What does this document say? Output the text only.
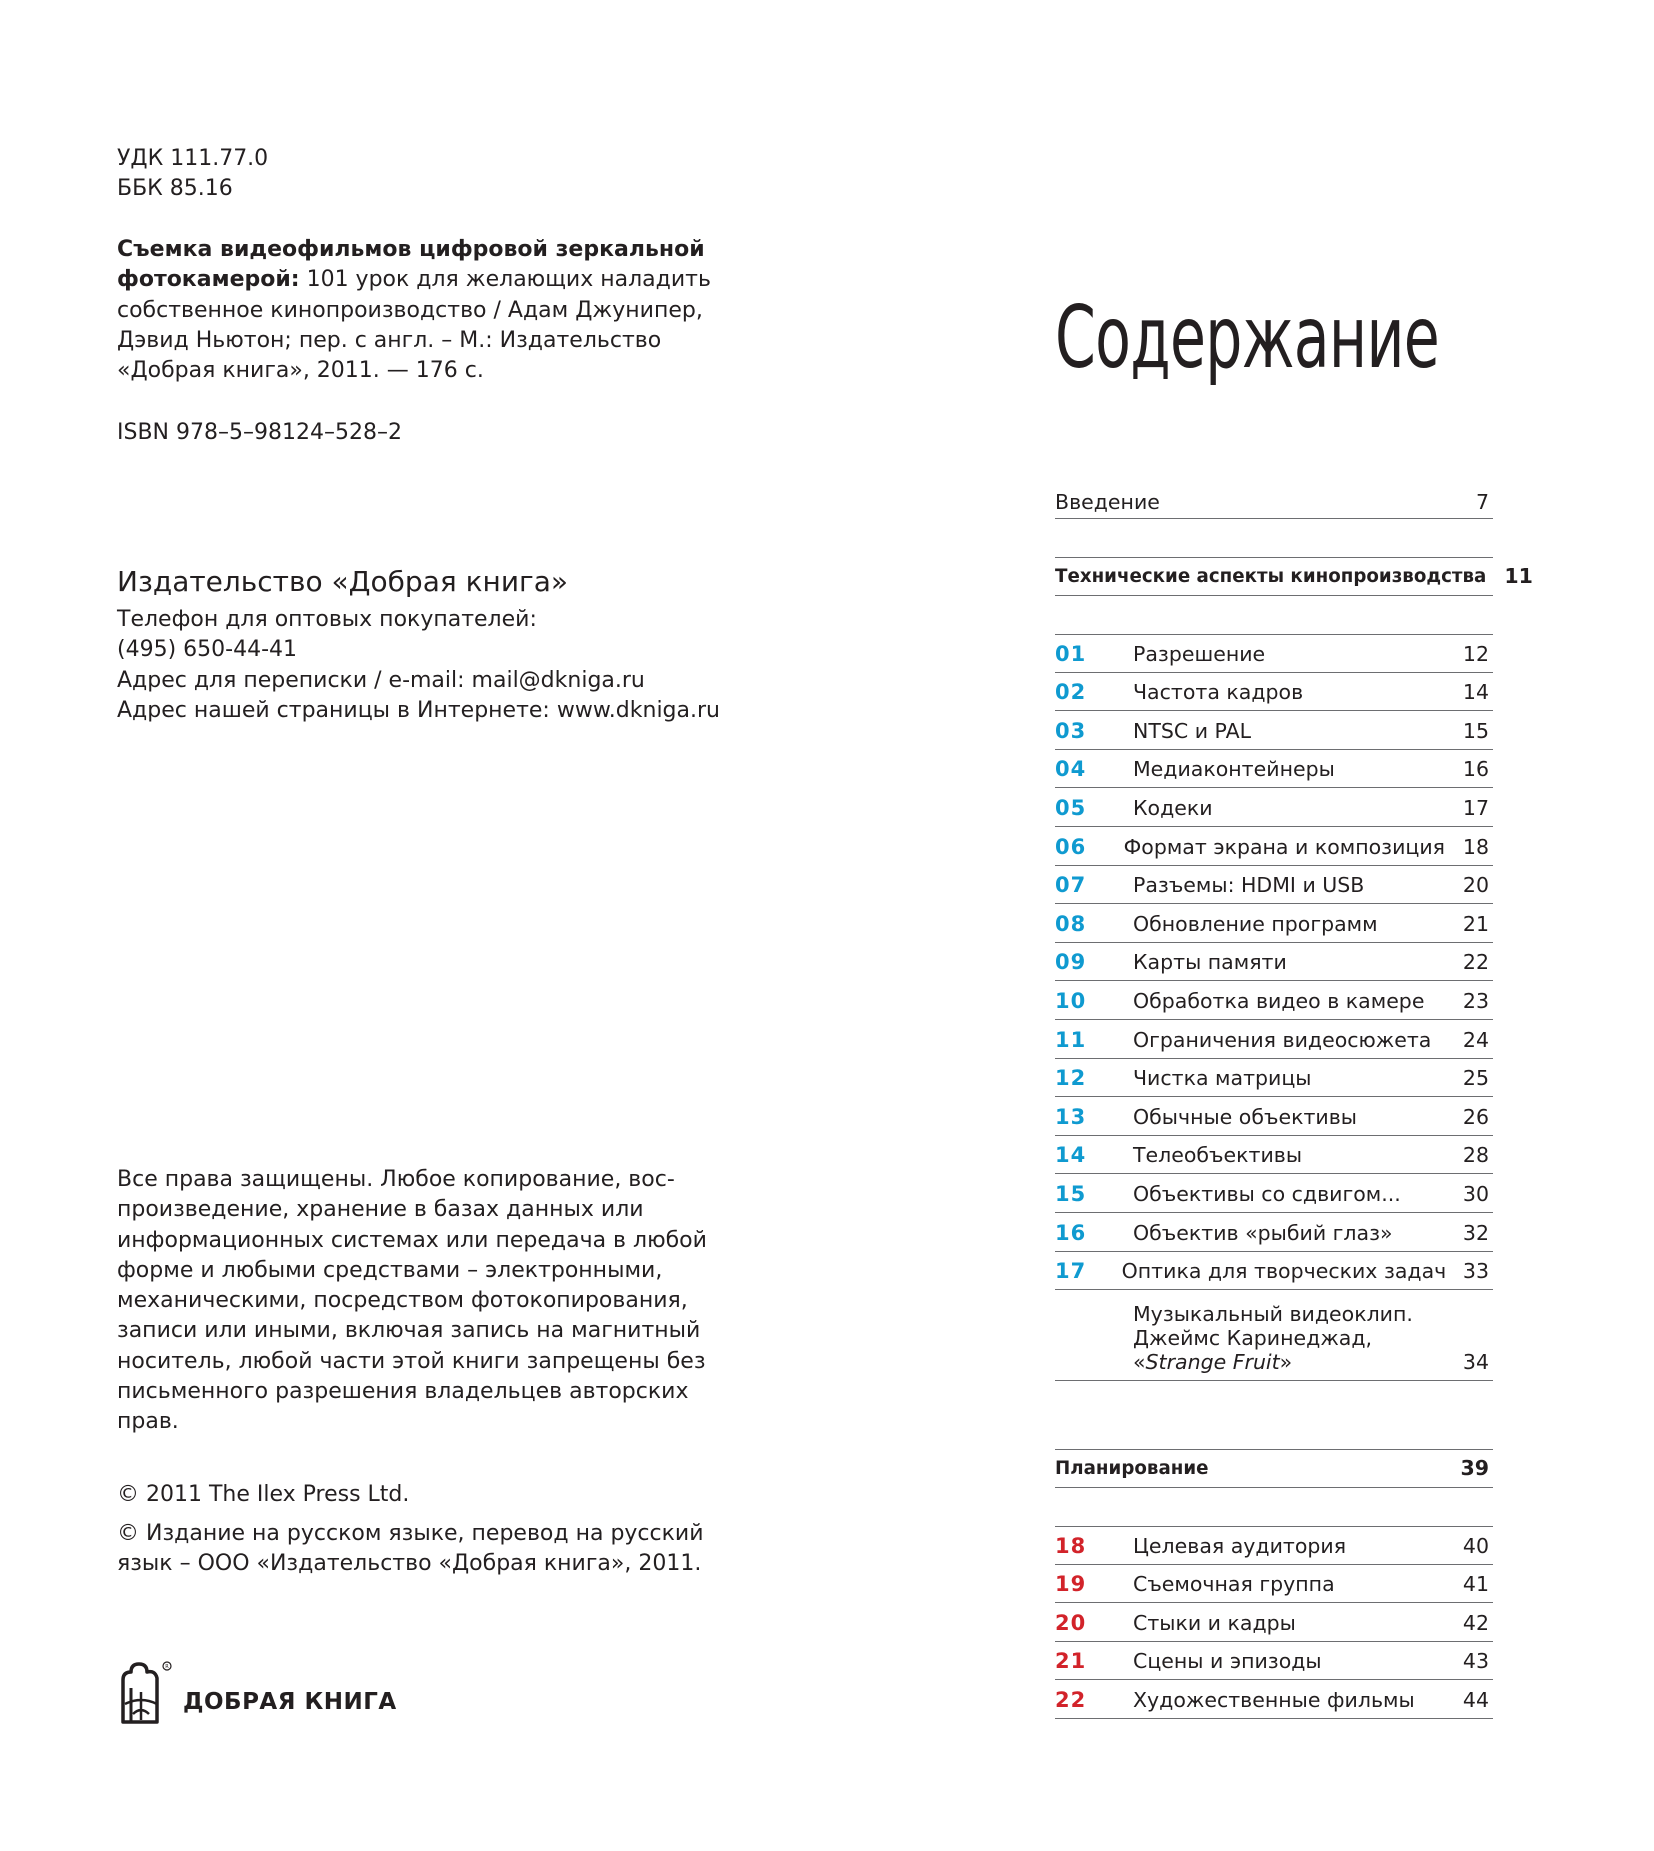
УДК 111.77.0

ББК 85.16

Съемка видеофильмов цифровой зеркальной

фотокамерой: 101 урок для желающих наладить

собственное кинопроизводство / Адам Джунипер,

Дэвид Ньютон; пер. с англ. – М.: Издательство

«Добрая книга», 2011. — 176 с.

ISBN 978–5–98124–528–2

Издательство «Добрая книга»

Телефон для оптовых покупателей:

(495) 650-44-41

Адрес для переписки / e-mail: mail@dkniga.ru

Адрес нашей страницы в Интернете: www.dkniga.ru

Все права защищены. Любое копирование, вос-

произведение, хранение в базах данных или

информационных системах или передача в любой

форме и любыми средствами – электронными,

механическими, посредством фотокопирования,

записи или иными, включая запись на магнитный

носитель, любой части этой книги запрещены без

письменного разрешения владельцев авторских

прав.

© 2011 The Ilex Press Ltd.

© Издание на русском языке, перевод на русский

язык – ООО «Издательство «Добрая книга», 2011.

R
ДОБРАЯ КНИГА
Содержание
Введение	7
Технические аспекты кинопроизводства 11
01	Разрешение	12
02	Частота кадров	14
03	NTSC и PAL	15
04	Медиаконтейнеры	16
05	Кодеки	17
06	Формат экрана и композиция 18
07	Разъемы: HDMI и USB	20
08	Обновление программ	21
09	Карты памяти	22
10	Обработка видео в камере	23
11	Ограничения видеосюжета	24
12	Чистка матрицы	25
13	Обычные объективы	26
14	Телеобъективы	28
15	Объективы со сдвигом...	30
16	Объектив «рыбий глаз»	32
17	Оптика для творческих задач 33
Музыкальный видеоклип.
Джеймс Каринеджад,
«Strange Fruit»	34
Планирование	39
18	Целевая аудитория	40
19	Съемочная группа	41
20	Стыки и кадры	42
21	Сцены и эпизоды	43
22	Художественные фильмы	44
